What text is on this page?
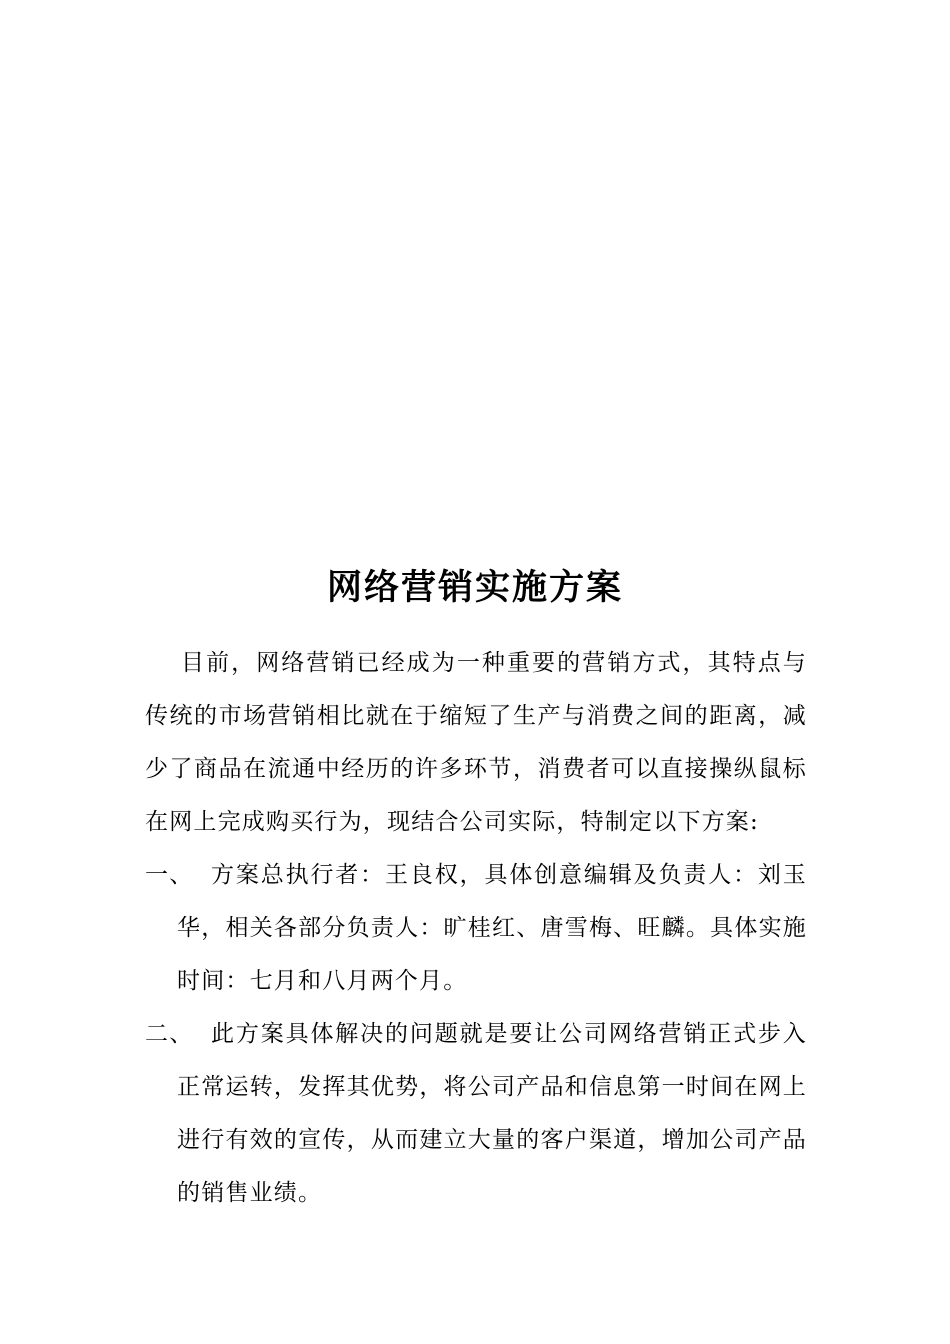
网络营销实施方案

目前，网络营销已经成为一种重要的营销方式，其特点与传统的市场营销相比就在于缩短了生产与消费之间的距离，减少了商品在流通中经历的许多环节，消费者可以直接操纵鼠标在网上完成购买行为，现结合公司实际，特制定以下方案:

一、 方案总执行者：王良权，具体创意编辑及负责人：刘玉华，相关各部分负责人：旷桂红、唐雪梅、旺麟。具体实施时间：七月和八月两个月。
二、 此方案具体解决的问题就是要让公司网络营销正式步入正常运转，发挥其优势，将公司产品和信息第一时间在网上进行有效的宣传，从而建立大量的客户渠道，增加公司产品的销售业绩。
